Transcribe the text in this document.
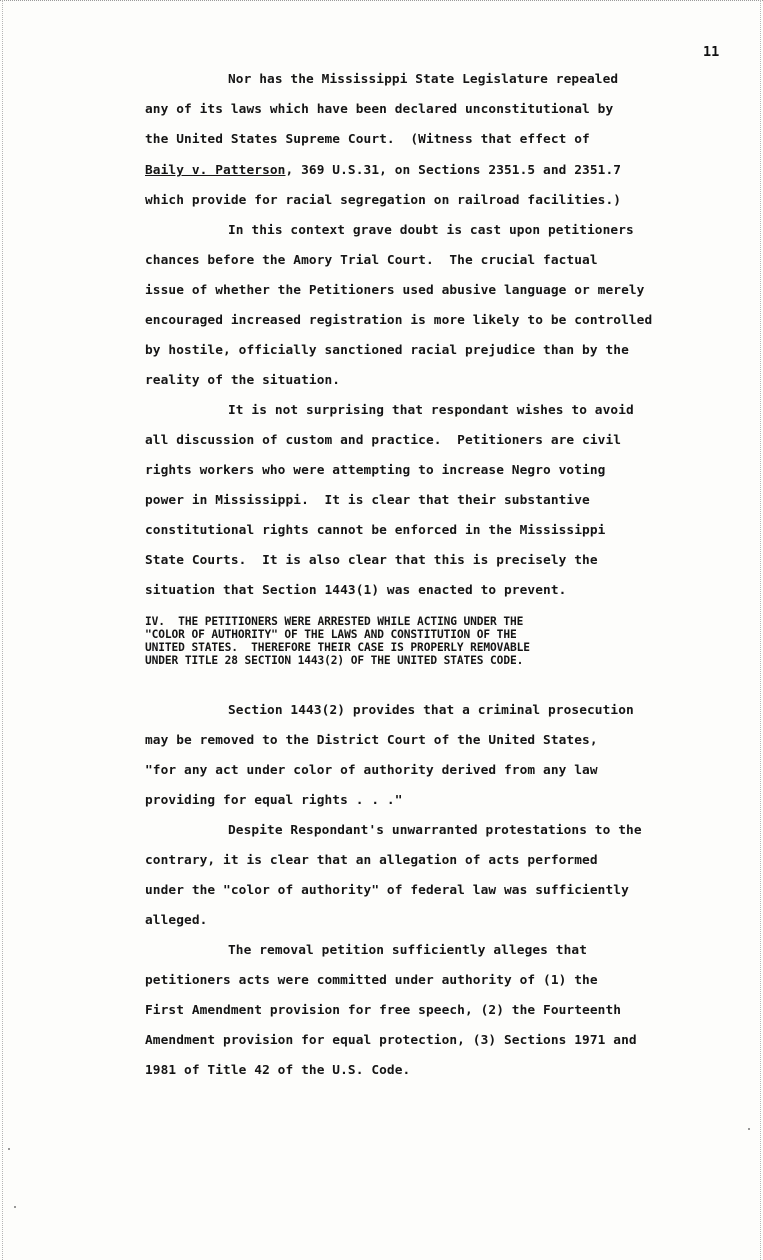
11
Nor has the Mississippi State Legislature repealed
any of its laws which have been declared unconstitutional by
the United States Supreme Court.  (Witness that effect of
Baily v. Patterson, 369 U.S.31, on Sections 2351.5 and 2351.7
which provide for racial segregation on railroad facilities.)
In this context grave doubt is cast upon petitioners
chances before the Amory Trial Court.  The crucial factual
issue of whether the Petitioners used abusive language or merely
encouraged increased registration is more likely to be controlled
by hostile, officially sanctioned racial prejudice than by the
reality of the situation.
It is not surprising that respondant wishes to avoid
all discussion of custom and practice.  Petitioners are civil
rights workers who were attempting to increase Negro voting
power in Mississippi.  It is clear that their substantive
constitutional rights cannot be enforced in the Mississippi
State Courts.  It is also clear that this is precisely the
situation that Section 1443(1) was enacted to prevent.
IV.  THE PETITIONERS WERE ARRESTED WHILE ACTING UNDER THE
"COLOR OF AUTHORITY" OF THE LAWS AND CONSTITUTION OF THE
UNITED STATES.  THEREFORE THEIR CASE IS PROPERLY REMOVABLE
UNDER TITLE 28 SECTION 1443(2) OF THE UNITED STATES CODE.
Section 1443(2) provides that a criminal prosecution
may be removed to the District Court of the United States,
"for any act under color of authority derived from any law
providing for equal rights . . ."
Despite Respondant's unwarranted protestations to the
contrary, it is clear that an allegation of acts performed
under the "color of authority" of federal law was sufficiently
alleged.
The removal petition sufficiently alleges that
petitioners acts were committed under authority of (1) the
First Amendment provision for free speech, (2) the Fourteenth
Amendment provision for equal protection, (3) Sections 1971 and
1981 of Title 42 of the U.S. Code.
